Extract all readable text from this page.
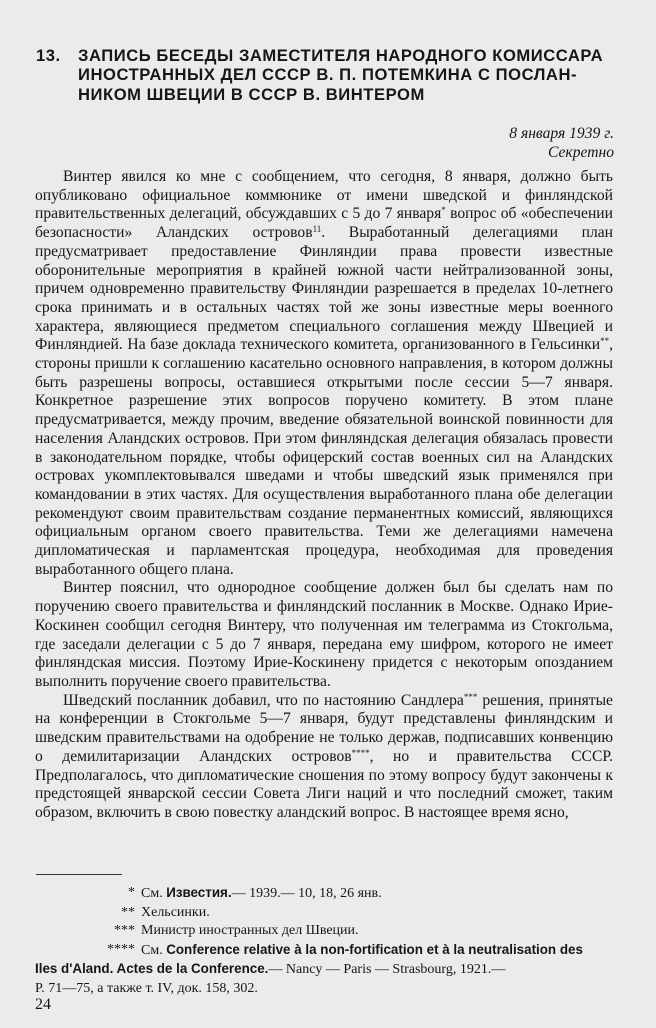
13. ЗАПИСЬ БЕСЕДЫ ЗАМЕСТИТЕЛЯ НАРОДНОГО КОМИССАРА
ИНОСТРАННЫХ ДЕЛ СССР В. П. ПОТЕМКИНА С ПОСЛАН-
НИКОМ ШВЕЦИИ В СССР В. ВИНТЕРОМ
8 января 1939 г.
Секретно

Винтер явился ко мне с сообщением, что сегодня, 8 января, должно быть опубликовано официальное коммюнике от имени шведской и финляндской правительственных делегаций, обсуждавших с 5 до 7 января* вопрос об «обеспечении безопасности» Аландских островов$^{11}$. Выработанный делегациями план предусматривает предоставление Финляндии права провести известные оборонительные мероприятия в крайней южной части нейтрализованной зоны, причем одновременно правительству Финляндии разрешается в пределах 10-летнего срока принимать и в остальных частях той же зоны известные меры военного характера, являющиеся предметом специального соглашения между Швецией и Финляндией. На базе доклада технического комитета, организованного в Гельсинки**, стороны пришли к соглашению касательно основного направления, в котором должны быть разрешены вопросы, оставшиеся открытыми после сессии 5—7 января. Конкретное разрешение этих вопросов поручено комитету. В этом плане предусматривается, между прочим, введение обязательной воинской повинности для населения Аландских островов. При этом финляндская делегация обязалась провести в законодательном порядке, чтобы офицерский состав военных сил на Аландских островах укомплектовывался шведами и чтобы шведский язык применялся при командовании в этих частях. Для осуществления выработанного плана обе делегации рекомендуют своим правительствам создание перманентных комиссий, являющихся официальным органом своего правительства. Теми же делегациями намечена дипломатическая и парламентская процедура, необходимая для проведения выработанного общего плана.

Винтер пояснил, что однородное сообщение должен был бы сделать нам по поручению своего правительства и финляндский посланник в Москве. Однако Ирие-Коскинен сообщил сегодня Винтеру, что полученная им телеграмма из Стокгольма, где заседали делегации с 5 до 7 января, передана ему шифром, которого не имеет финляндская миссия. Поэтому Ирие-Коскинену придется с некоторым опозданием выполнить поручение своего правительства.

Шведский посланник добавил, что по настоянию Сандлера*** решения, принятые на конференции в Стокгольме 5—7 января, будут представлены финляндским и шведским правительствами на одобрение не только держав, подписавших конвенцию о демилитаризации Аландских островов****, но и правительства СССР. Предполагалось, что дипломатические сношения по этому вопросу будут закончены к предстоящей январской сессии Совета Лиги наций и что последний сможет, таким образом, включить в свою повестку аландский вопрос. В настоящее время ясно,

* См. Известия.— 1939.— 10, 18, 26 янв.
** Хельсинки.
*** Министр иностранных дел Швеции.
**** См. Conference relative à la non-fortification et à la neutralisation des
Iles d'Aland. Actes de la Conference.— Nancy — Paris — Strasbourg, 1921.—
P. 71—75, а также т. IV, док. 158, 302.
24
